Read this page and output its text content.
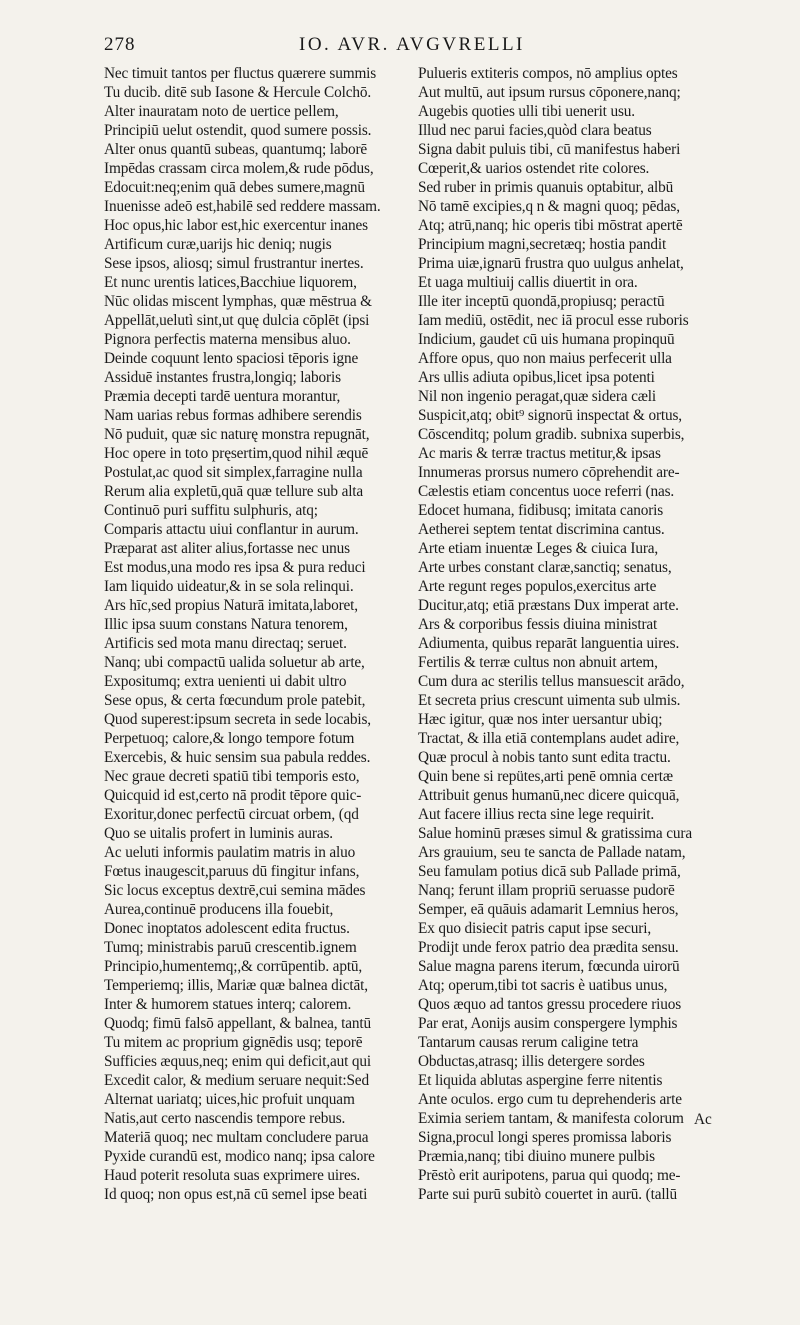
278	IO. AVR. AVGVRELLI
Nec timuit tantos per fluctus quærere summis
Tu ducib. ditē sub Iasone & Hercule Colchō.
Alter inauratam noto de uertice pellem,
Principiū uelut ostendit, quod sumere possis.
Alter onus quantū subeas, quantumq; laborē
Impēdas crassam circa molem,& rude pōdus,
Edocuit:neq;enim quā debes sumere,magnū
Inuenisse adeō est,habilē sed reddere massam.
Hoc opus,hic labor est,hic exercentur inanes
Artificum curæ,uarijs hic deniq; nugis
Sese ipsos, aliosq; simul frustrantur inertes.
Et nunc urentis latices,Bacchiue liquorem,
Nūc olidas miscent lymphas, quæ mēstrua &
Appellāt,uelutì sint,ut quę dulcia cōplēt (ipsi
Pignora perfectis materna mensibus aluo.
Deinde coquunt lento spaciosi tēporis igne
Assiduē instantes frustra,longiq; laboris
Præmia decepti tardē uentura morantur,
Nam uarias rebus formas adhibere serendis
Nō puduit, quæ sic naturę monstra repugnāt,
Hoc opere in toto pręsertim,quod nihil æquē
Postulat,ac quod sit simplex,farragine nulla
Rerum alia expletū,quā quæ tellure sub alta
Continuō puri suffitu sulphuris, atq;
Comparis attactu uiui conflantur in aurum.
Præparat ast aliter alius,fortasse nec unus
Est modus,una modo res ipsa & pura reduci
Iam liquido uideatur,& in se sola relinqui.
Ars hīc,sed propius Naturā imitata,laboret,
Illic ipsa suum constans Natura tenorem,
Artificis sed mota manu directaq; seruet.
Nanq; ubi compactū ualida soluetur ab arte,
Expositumq; extra uenienti ui dabit ultro
Sese opus, & certa fœcundum prole patebit,
Quod superest:ipsum secreta in sede locabis,
Perpetuoq; calore,& longo tempore fotum
Exercebis, & huic sensim sua pabula reddes.
Nec graue decreti spatiū tibi temporis esto,
Quicquid id est,certo nā prodit tēpore quic-
Exoritur,donec perfectū circuat orbem, (qd
Quo se uitalis profert in luminis auras.
Ac ueluti informis paulatim matris in aluo
Fœtus inaugescit,paruus dū fingitur infans,
Sic locus exceptus dextrē,cui semina mādes
Aurea,continuē producens illa fouebit,
Donec inoptatos adolescent edita fructus.
Tumq; ministrabis paruū crescentib.ignem
Principio,humentemq;,& corrūpentib. aptū,
Temperiemq; illis, Mariæ quæ balnea dictāt,
Inter & humorem statues interq; calorem.
Quodq; fimū falsō appellant, & balnea, tantū
Tu mitem ac proprium gignēdis usq; teporē
Sufficies æquus,neq; enim qui deficit,aut qui
Excedit calor, & medium seruare nequit:Sed
Alternat uariatq; uices,hic profuit unquam
Natis,aut certo nascendis tempore rebus.
Materiā quoq; nec multam concludere parua
Pyxide curandū est, modico nanq; ipsa calore
Haud poterit resoluta suas exprimere uires.
Id quoq; non opus est,nā cū semel ipse beati
Pulueris extiteris compos, nō amplius optes
Aut multū, aut ipsum rursus cōponere,nanq;
Augebis quoties ulli tibi uenerit usu.
Illud nec parui facies,quòd clara beatus
Signa dabit puluis tibi, cū manifestus haberi
Cœperit,& uarios ostendet rite colores.
Sed ruber in primis quanuis optabitur, albū
Nō tamē excipies,q n & magni quoq; pēdas,
Atq; atrū,nanq; hic operis tibi mōstrat apertē
Principium magni,secretæq; hostia pandit
Prima uiæ,ignarū frustra quo uulgus anhelat,
Et uaga multiuij callis diuertit in ora.
Ille iter inceptū quondā,propiusq; peractū
Iam mediū, ostēdit, nec iā procul esse ruboris
Indicium, gaudet cū uis humana propinquū
Affore opus, quo non maius perfecerit ulla
Ars ullis adiuta opibus,licet ipsa potenti
Nil non ingenio peragat,quæ sidera cæli
Suspicit,atq; obit⁹ signorū inspectat & ortus,
Cōscenditq; polum gradib. subnixa superbis,
Ac maris & terræ tractus metitur,& ipsas
Innumeras prorsus numero cōprehendit are-
Cælestis etiam concentus uoce referri (nas.
Edocet humana, fidibusq; imitata canoris
Aetherei septem tentat discrimina cantus.
Arte etiam inuentæ Leges & ciuica Iura,
Arte urbes constant claræ,sanctiq; senatus,
Arte regunt reges populos,exercitus arte
Ducitur,atq; etiā præstans Dux imperat arte.
Ars & corporibus fessis diuina ministrat
Adiumenta, quibus reparāt languentia uires.
Fertilis & terræ cultus non abnuit artem,
Cum dura ac sterilis tellus mansuescit arādo,
Et secreta prius crescunt uimenta sub ulmis.
Hæc igitur, quæ nos inter uersantur ubiq;
Tractat, & illa etiā contemplans audet adire,
Quæ procul à nobis tanto sunt edita tractu.
Quin bene si repütes,arti penē omnia certæ
Attribuit genus humanū,nec dicere quicquā,
Aut facere illius recta sine lege requirit.
Salue hominū præses simul & gratissima cura
Ars grauium, seu te sancta de Pallade natam,
Seu famulam potius dicā sub Pallade primā,
Nanq; ferunt illam propriū seruasse pudorē
Semper, eā quāuis adamarit Lemnius heros,
Ex quo disiecit patris caput ipse securi,
Prodijt unde ferox patrio dea prædita sensu.
Salue magna parens iterum, fœcunda uirorū
Atq; operum,tibi tot sacris è uatibus unus,
Quos æquo ad tantos gressu procedere riuos
Par erat, Aonijs ausim conspergere lymphis
Tantarum causas rerum caligine tetra
Obductas,atrasq; illis detergere sordes
Et liquida ablutas aspergine ferre nitentis
Ante oculos. ergo cum tu deprehenderis arte
Eximia seriem tantam, & manifesta colorum
Signa,procul longi speres promissa laboris
Præmia,nanq; tibi diuino munere pulbis
Prēstò erit auripotens, parua qui quodq; me-
Parte sui purū subitò couertet in aurū. (tallū
Ac
